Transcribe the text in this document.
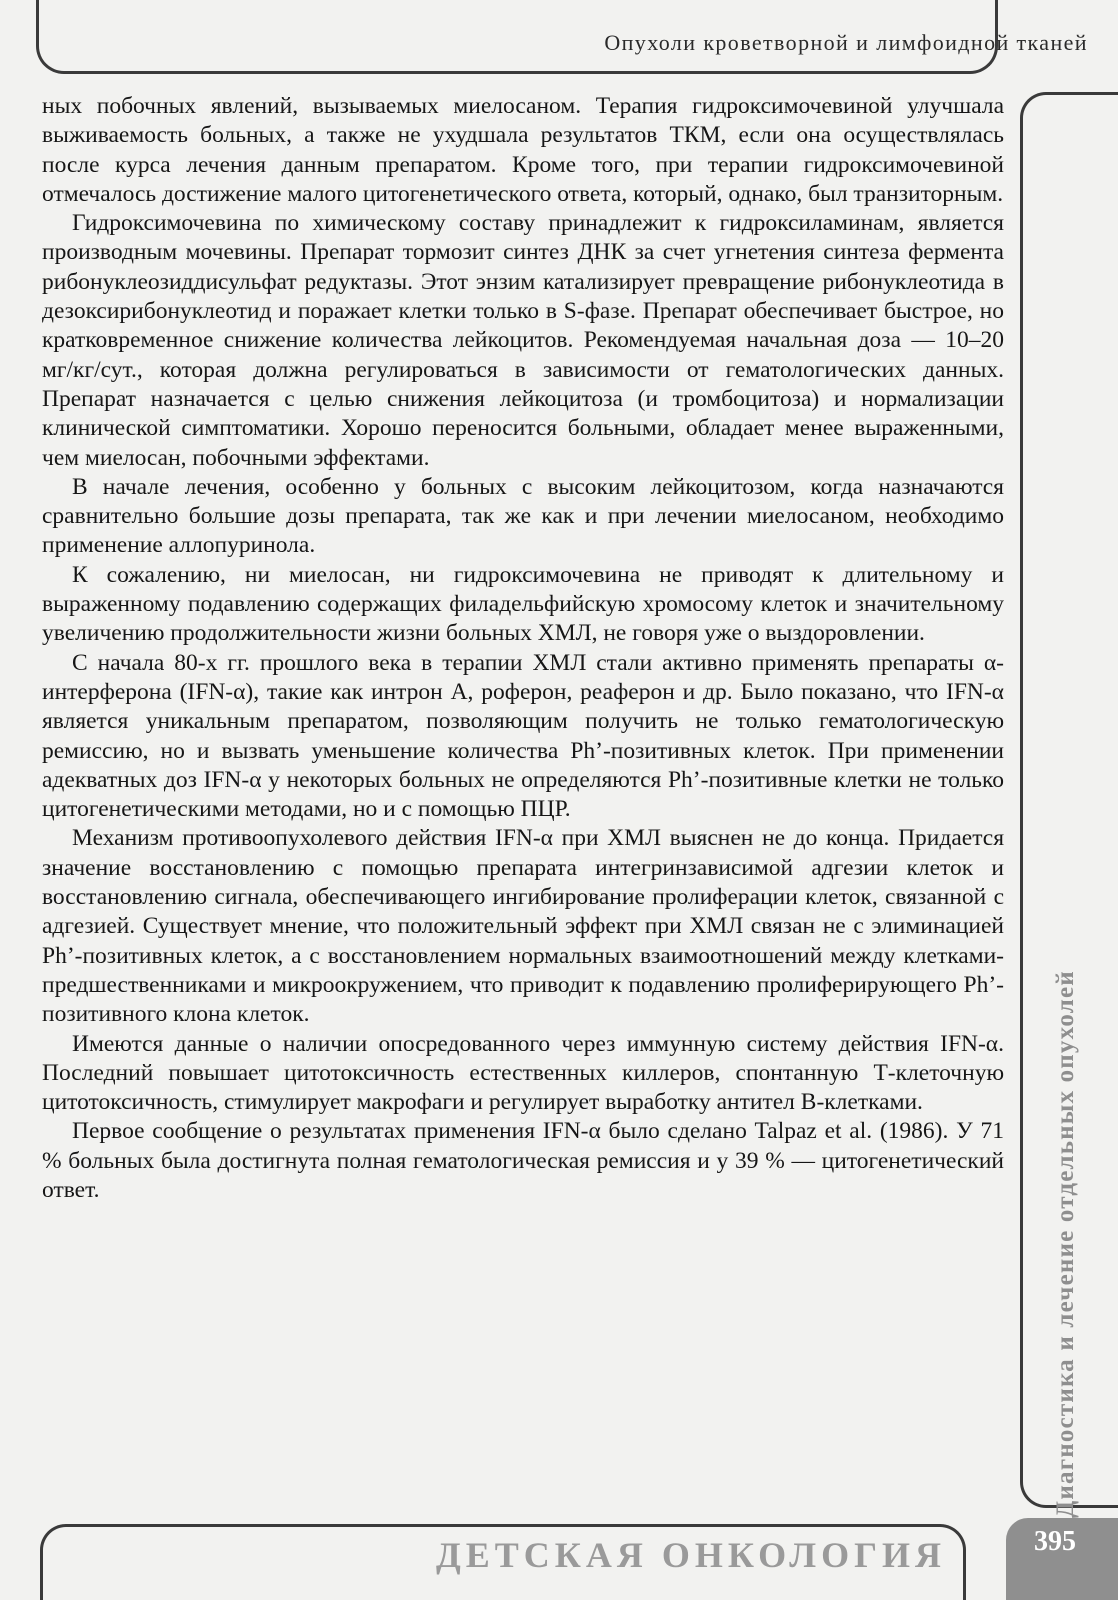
Опухоли кроветворной и лимфоидной тканей
Диагностика и лечение отдельных опухолей

ных побочных явлений, вызываемых миелосаном. Терапия гидроксимочевиной улучшала выживаемость больных, а также не ухудшала результатов ТКМ, если она осуществлялась после курса лечения данным препаратом. Кроме того, при терапии гидроксимочевиной отмечалось достижение малого цитогенетического ответа, который, однако, был транзиторным.

Гидроксимочевина по химическому составу принадлежит к гидроксиламинам, является производным мочевины. Препарат тормозит синтез ДНК за счет угнетения синтеза фермента рибонуклеозиддисульфат редуктазы. Этот энзим катализирует превращение рибонуклеотида в дезоксирибонуклеотид и поражает клетки только в S-фазе. Препарат обеспечивает быстрое, но кратковременное снижение количества лейкоцитов. Рекомендуемая начальная доза — 10–20 мг/кг/сут., которая должна регулироваться в зависимости от гематологических данных. Препарат назначается с целью снижения лейкоцитоза (и тромбоцитоза) и нормализации клинической симптоматики. Хорошо переносится больными, обладает менее выраженными, чем миелосан, побочными эффектами.

В начале лечения, особенно у больных с высоким лейкоцитозом, когда назначаются сравнительно большие дозы препарата, так же как и при лечении миелосаном, необходимо применение аллопуринола.

К сожалению, ни миелосан, ни гидроксимочевина не приводят к длительному и выраженному подавлению содержащих филадельфийскую хромосому клеток и значительному увеличению продолжительности жизни больных ХМЛ, не говоря уже о выздоровлении.

С начала 80-х гг. прошлого века в терапии ХМЛ стали активно применять препараты α-интерферона (IFN-α), такие как интрон А, роферон, реаферон и др. Было показано, что IFN-α является уникальным препаратом, позволяющим получить не только гематологическую ремиссию, но и вызвать уменьшение количества Ph’-позитивных клеток. При применении адекватных доз IFN-α у некоторых больных не определяются Ph’-позитивные клетки не только цитогенетическими методами, но и с помощью ПЦР.

Механизм противоопухолевого действия IFN-α при ХМЛ выяснен не до конца. Придается значение восстановлению с помощью препарата интегринзависимой адгезии клеток и восстановлению сигнала, обеспечивающего ингибирование пролиферации клеток, связанной с адгезией. Существует мнение, что положительный эффект при ХМЛ связан не с элиминацией Ph’-позитивных клеток, а с восстановлением нормальных взаимоотношений между клетками-предшественниками и микроокружением, что приводит к подавлению пролиферирующего Ph’-позитивного клона клеток.

Имеются данные о наличии опосредованного через иммунную систему действия IFN-α. Последний повышает цитотоксичность естественных киллеров, спонтанную Т-клеточную цитотоксичность, стимулирует макрофаги и регулирует выработку антител В-клетками.

Первое сообщение о результатах применения IFN-α было сделано Talpaz et al. (1986). У 71 % больных была достигнута полная гематологическая ремиссия и у 39 % — цитогенетический ответ.

ДЕТСКАЯ ОНКОЛОГИЯ	395
